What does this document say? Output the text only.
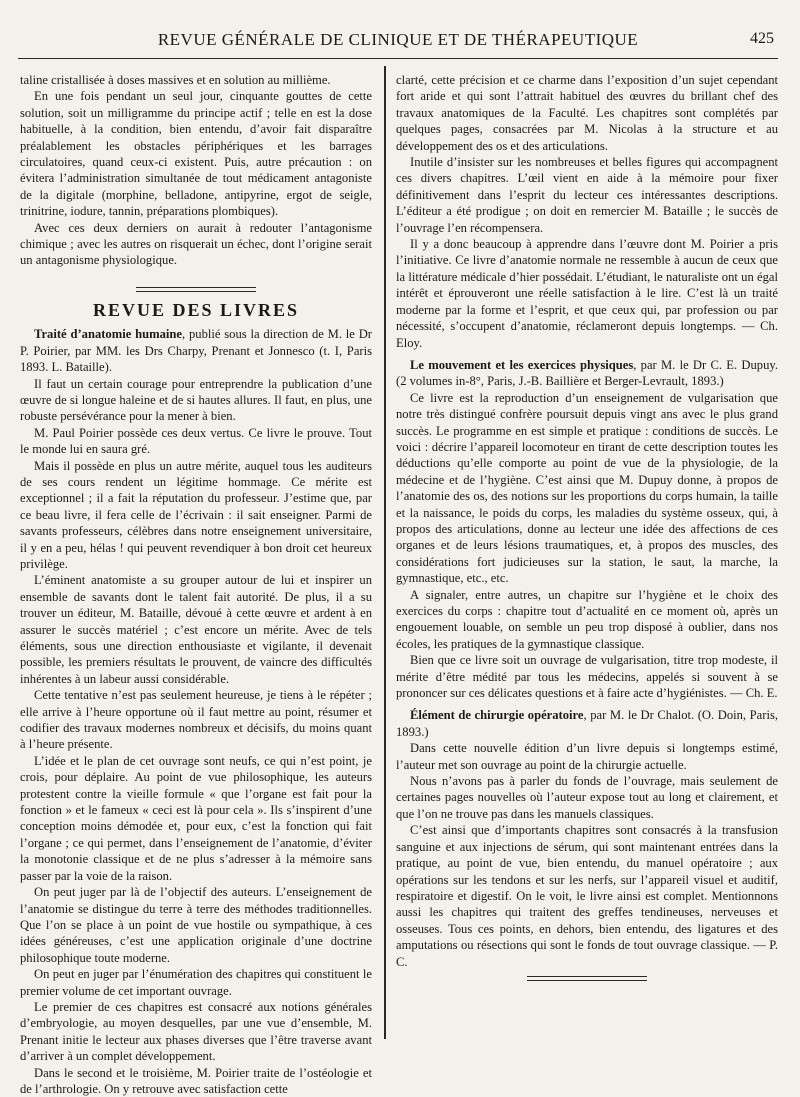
REVUE GÉNÉRALE DE CLINIQUE ET DE THÉRAPEUTIQUE	425

taline cristallisée à doses massives et en solution au millième.

En une fois pendant un seul jour, cinquante gouttes de cette solution, soit un milligramme du principe actif ; telle en est la dose habituelle, à la condition, bien entendu, d’avoir fait disparaître préalablement les obstacles périphériques et les barrages circulatoires, quand ceux-ci existent. Puis, autre précaution : on évitera l’administration simultanée de tout médicament antagoniste de la digitale (morphine, belladone, antipyrine, ergot de seigle, trinitrine, iodure, tannin, préparations plombiques).

Avec ces deux derniers on aurait à redouter l’antagonisme chimique ; avec les autres on risquerait un échec, dont l’origine serait un antagonisme physiologique.

REVUE DES LIVRES

Traité d’anatomie humaine, publié sous la direction de M. le Dr P. Poirier, par MM. les Drs Charpy, Prenant et Jonnesco (t. I, Paris 1893. L. Bataille).

Il faut un certain courage pour entreprendre la publication d’une œuvre de si longue haleine et de si hautes allures. Il faut, en plus, une robuste persévérance pour la mener à bien.

M. Paul Poirier possède ces deux vertus. Ce livre le prouve. Tout le monde lui en saura gré.

Mais il possède en plus un autre mérite, auquel tous les auditeurs de ses cours rendent un légitime hommage. Ce mérite est exceptionnel ; il a fait la réputation du professeur. J’estime que, par ce beau livre, il fera celle de l’écrivain : il sait enseigner. Parmi de savants professeurs, célèbres dans notre enseignement universitaire, il y en a peu, hélas ! qui peuvent revendiquer à bon droit cet heureux privilège.

L’éminent anatomiste a su grouper autour de lui et inspirer un ensemble de savants dont le talent fait autorité. De plus, il a su trouver un éditeur, M. Bataille, dévoué à cette œuvre et ardent à en assurer le succès matériel ; c’est encore un mérite. Avec de tels éléments, sous une direction enthousiaste et vigilante, il devenait possible, les premiers résultats le prouvent, de vaincre des difficultés inhérentes à un labeur aussi considérable.

Cette tentative n’est pas seulement heureuse, je tiens à le répéter ; elle arrive à l’heure opportune où il faut mettre au point, résumer et codifier des travaux modernes nombreux et décisifs, du moins quant à l’heure présente.

L’idée et le plan de cet ouvrage sont neufs, ce qui n’est point, je crois, pour déplaire. Au point de vue philosophique, les auteurs protestent contre la vieille formule « que l’organe est fait pour la fonction » et le fameux « ceci est là pour cela ». Ils s’inspirent d’une conception moins démodée et, pour eux, c’est la fonction qui fait l’organe ; ce qui permet, dans l’enseignement de l’anatomie, d’éviter la monotonie classique et de ne plus s’adresser à la mémoire sans passer par la voie de la raison.

On peut juger par là de l’objectif des auteurs. L’enseignement de l’anatomie se distingue du terre à terre des méthodes traditionnelles. Que l’on se place à un point de vue hostile ou sympathique, à ces idées généreuses, c’est une application originale d’une doctrine philosophique toute moderne.

On peut en juger par l’énumération des chapitres qui constituent le premier volume de cet important ouvrage.

Le premier de ces chapitres est consacré aux notions générales d’embryologie, au moyen desquelles, par une vue d’ensemble, M. Prenant initie le lecteur aux phases diverses que l’être traverse avant d’arriver à un complet développement.

Dans le second et le troisième, M. Poirier traite de l’ostéologie et de l’arthrologie. On y retrouve avec satisfaction cette

clarté, cette précision et ce charme dans l’exposition d’un sujet cependant fort aride et qui sont l’attrait habituel des œuvres du brillant chef des travaux anatomiques de la Faculté. Les chapitres sont complétés par quelques pages, consacrées par M. Nicolas à la structure et au développement des os et des articulations.

Inutile d’insister sur les nombreuses et belles figures qui accompagnent ces divers chapitres. L’œil vient en aide à la mémoire pour fixer définitivement dans l’esprit du lecteur ces intéressantes descriptions. L’éditeur a été prodigue ; on doit en remercier M. Bataille ; le succès de l’ouvrage l’en récompensera.

Il y a donc beaucoup à apprendre dans l’œuvre dont M. Poirier a pris l’initiative. Ce livre d’anatomie normale ne ressemble à aucun de ceux que la littérature médicale d’hier possédait. L’étudiant, le naturaliste ont un égal intérêt et éprouveront une réelle satisfaction à le lire. C’est là un traité moderne par la forme et l’esprit, et que ceux qui, par profession ou par nécessité, s’occupent d’anatomie, réclameront depuis longtemps. — Ch. Eloy.

Le mouvement et les exercices physiques, par M. le Dr C. E. Dupuy. (2 volumes in-8°, Paris, J.-B. Baillière et Berger-Levrault, 1893.)

Ce livre est la reproduction d’un enseignement de vulgarisation que notre très distingué confrère poursuit depuis vingt ans avec le plus grand succès. Le programme en est simple et pratique : conditions de succès. Le voici : décrire l’appareil locomoteur en tirant de cette description toutes les déductions qu’elle comporte au point de vue de la physiologie, de la médecine et de l’hygiène. C’est ainsi que M. Dupuy donne, à propos de l’anatomie des os, des notions sur les proportions du corps humain, la taille et la naissance, le poids du corps, les maladies du système osseux, qui, à propos des articulations, donne au lecteur une idée des affections de ces organes et de leurs lésions traumatiques, et, à propos des muscles, des considérations fort judicieuses sur la station, le saut, la marche, la gymnastique, etc., etc.

A signaler, entre autres, un chapitre sur l’hygiène et le choix des exercices du corps : chapitre tout d’actualité en ce moment où, après un engouement louable, on semble un peu trop disposé à oublier, dans nos écoles, les pratiques de la gymnastique classique.

Bien que ce livre soit un ouvrage de vulgarisation, titre trop modeste, il mérite d’être médité par tous les médecins, appelés si souvent à se prononcer sur ces délicates questions et à faire acte d’hygiénistes. — Ch. E.

Élément de chirurgie opératoire, par M. le Dr Chalot. (O. Doin, Paris, 1893.)

Dans cette nouvelle édition d’un livre depuis si longtemps estimé, l’auteur met son ouvrage au point de la chirurgie actuelle.

Nous n’avons pas à parler du fonds de l’ouvrage, mais seulement de certaines pages nouvelles où l’auteur expose tout au long et clairement, et que l’on ne trouve pas dans les manuels classiques.

C’est ainsi que d’importants chapitres sont consacrés à la transfusion sanguine et aux injections de sérum, qui sont maintenant entrées dans la pratique, au point de vue, bien entendu, du manuel opératoire ; aux opérations sur les tendons et sur les nerfs, sur l’appareil visuel et auditif, respiratoire et digestif. On le voit, le livre ainsi est complet. Mentionnons aussi les chapitres qui traitent des greffes tendineuses, nerveuses et osseuses. Tous ces points, en dehors, bien entendu, des ligatures et des amputations ou résections qui sont le fonds de tout ouvrage classique. — P. C.
